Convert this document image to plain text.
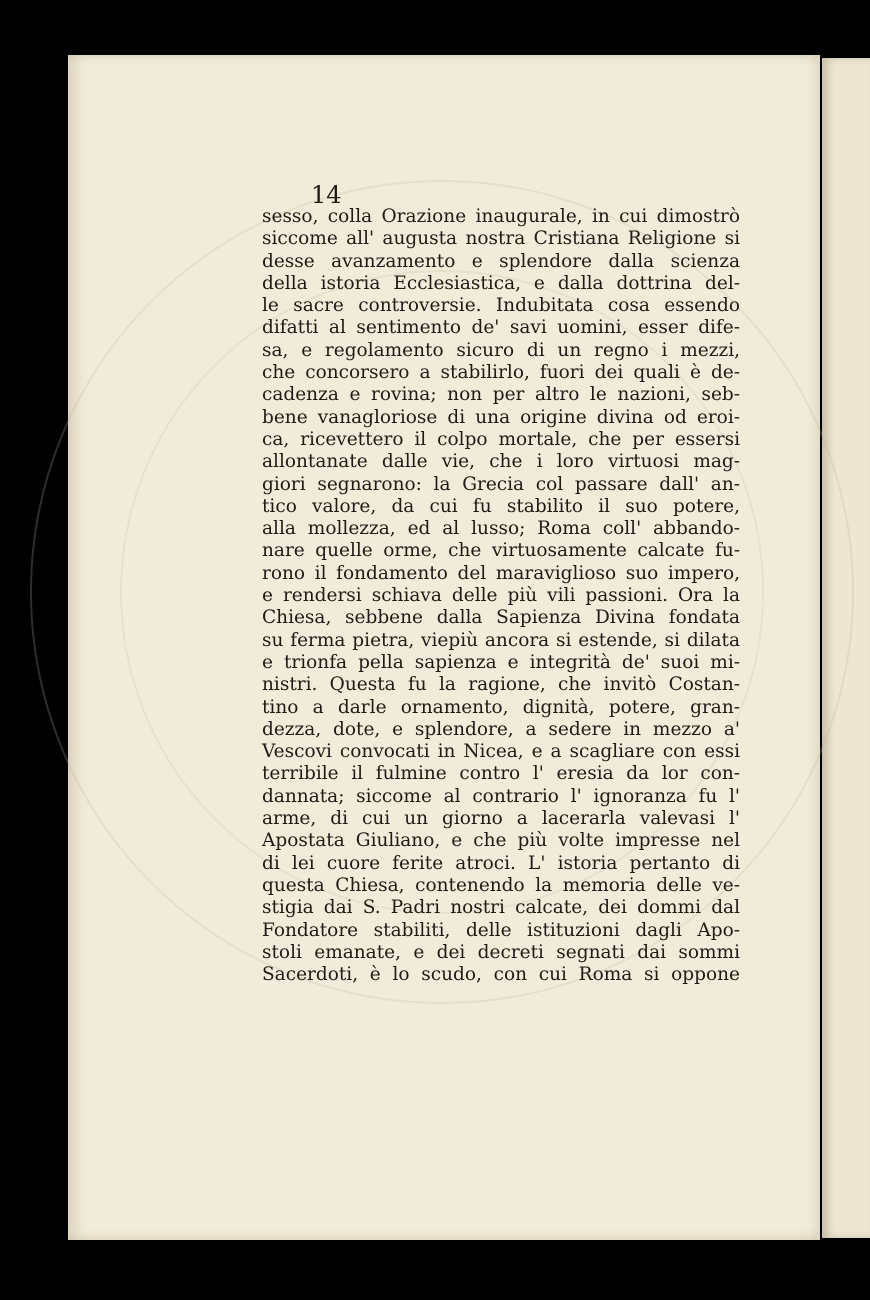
14
sesso, colla Orazione inaugurale, in cui dimostrò
siccome all' augusta nostra Cristiana Religione si
desse avanzamento e splendore dalla scienza
della istoria Ecclesiastica, e dalla dottrina del-
le sacre controversie. Indubitata cosa essendo
difatti al sentimento de' savi uomini, esser dife-
sa, e regolamento sicuro di un regno i mezzi,
che concorsero a stabilirlo, fuori dei quali è de-
cadenza e rovina; non per altro le nazioni, seb-
bene vanagloriose di una origine divina od eroi-
ca, ricevettero il colpo mortale, che per essersi
allontanate dalle vie, che i loro virtuosi mag-
giori segnarono: la Grecia col passare dall' an-
tico valore, da cui fu stabilito il suo potere,
alla mollezza, ed al lusso; Roma coll' abbando-
nare quelle orme, che virtuosamente calcate fu-
rono il fondamento del maraviglioso suo impero,
e rendersi schiava delle più vili passioni. Ora la
Chiesa, sebbene dalla Sapienza Divina fondata
su ferma pietra, viepiù ancora si estende, si dilata
e trionfa pella sapienza e integrità de' suoi mi-
nistri. Questa fu la ragione, che invitò Costan-
tino a darle ornamento, dignità, potere, gran-
dezza, dote, e splendore, a sedere in mezzo a'
Vescovi convocati in Nicea, e a scagliare con essi
terribile il fulmine contro l' eresia da lor con-
dannata; siccome al contrario l' ignoranza fu l'
arme, di cui un giorno a lacerarla valevasi l'
Apostata Giuliano, e che più volte impresse nel
di lei cuore ferite atroci. L' istoria pertanto di
questa Chiesa, contenendo la memoria delle ve-
stigia dai S. Padri nostri calcate, dei dommi dal
Fondatore stabiliti, delle istituzioni dagli Apo-
stoli emanate, e dei decreti segnati dai sommi
Sacerdoti, è lo scudo, con cui Roma si oppone
